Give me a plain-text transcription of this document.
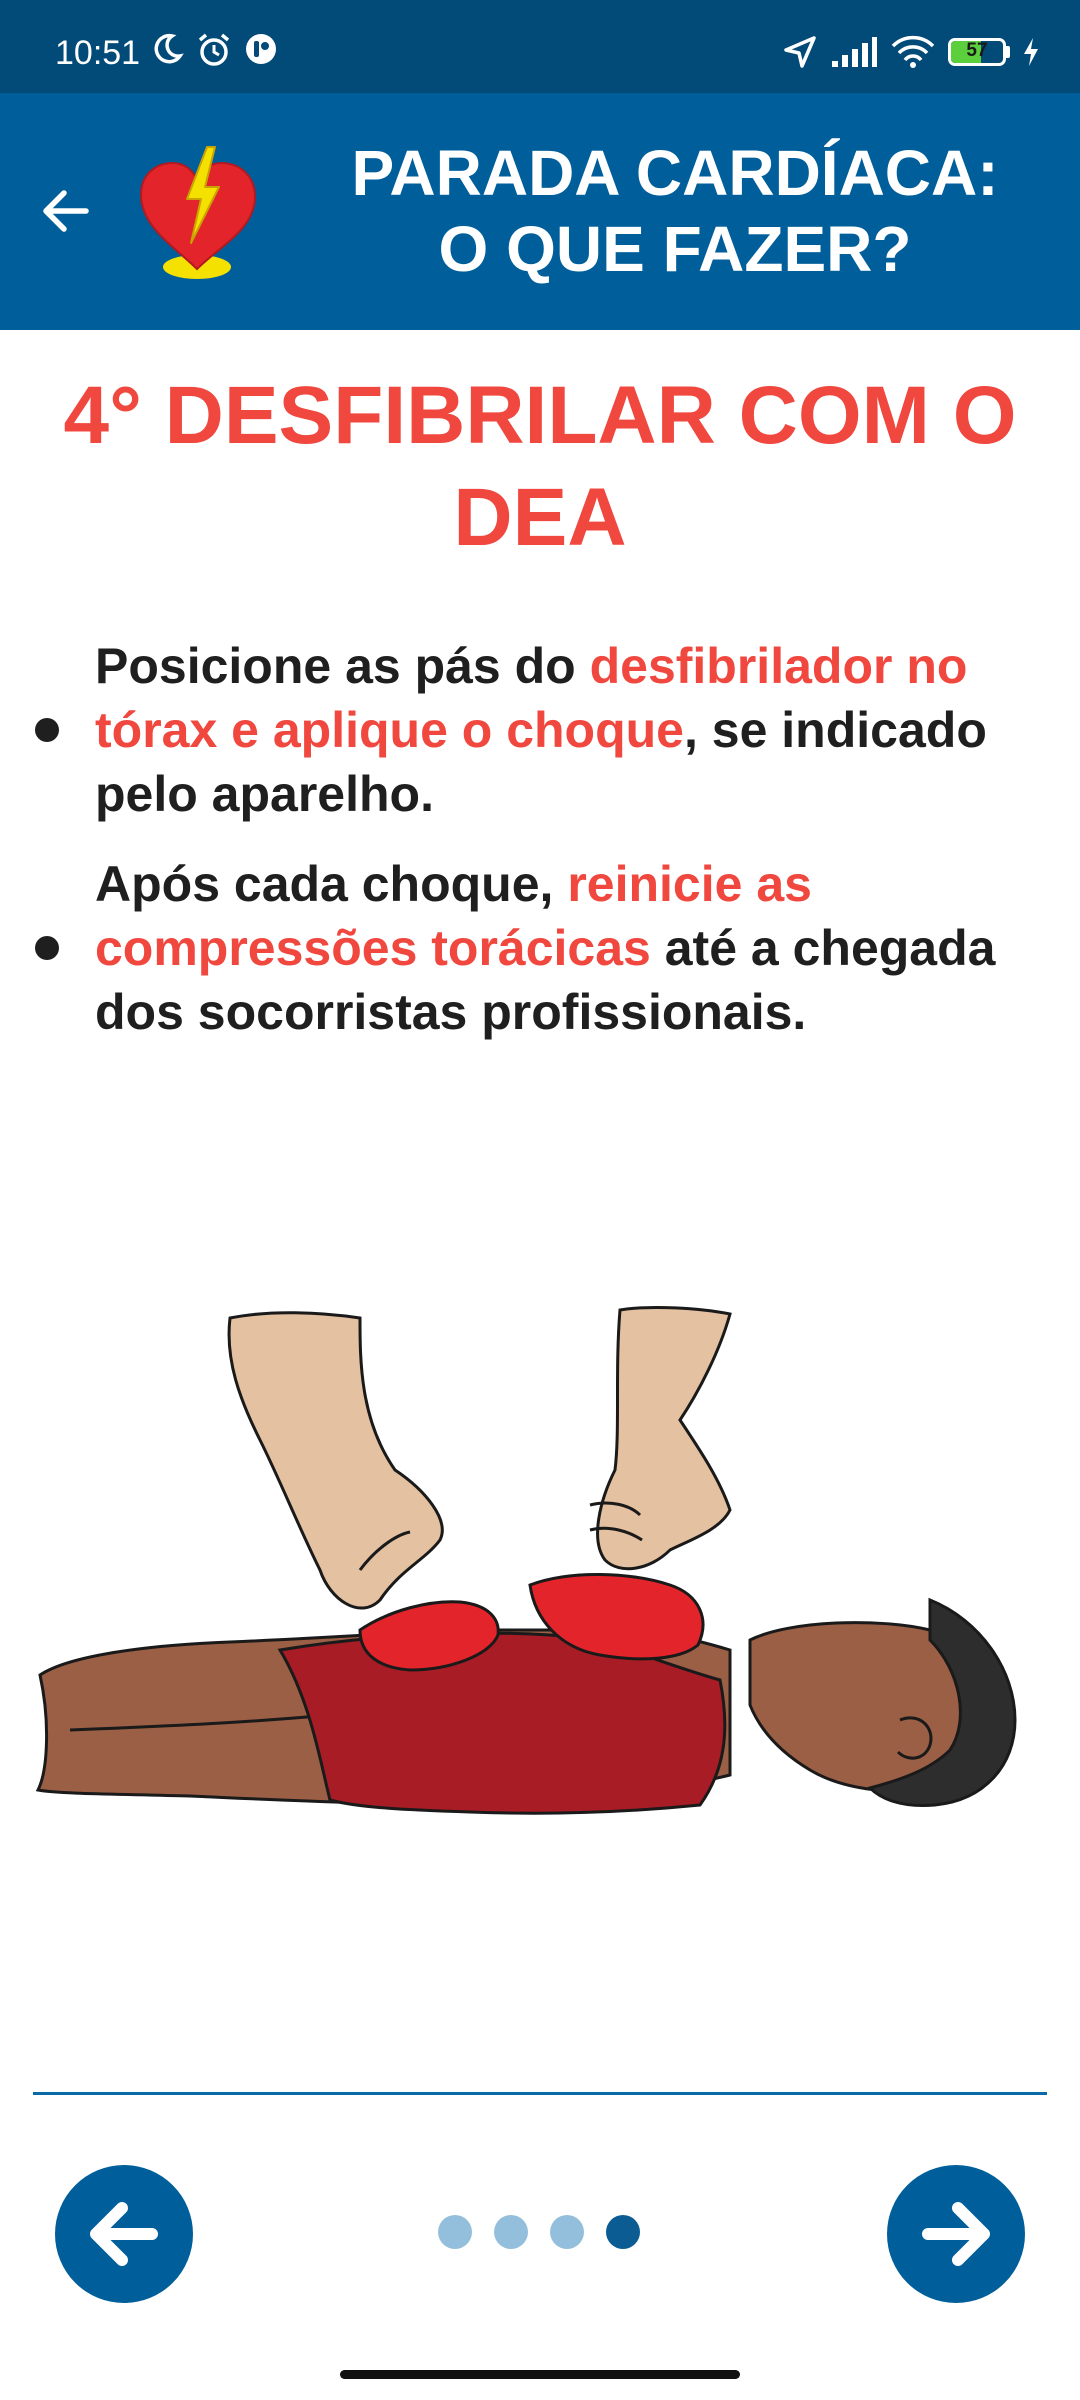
10:51	57
PARADA CARDÍACA:
O QUE FAZER?
4° DESFIBRILAR COM O
DEA
Posicione as pás do desfibrilador no tórax e aplique o choque, se indicado pelo aparelho.
Após cada choque, reinicie as compressões torácicas até a chegada dos socorristas profissionais.
